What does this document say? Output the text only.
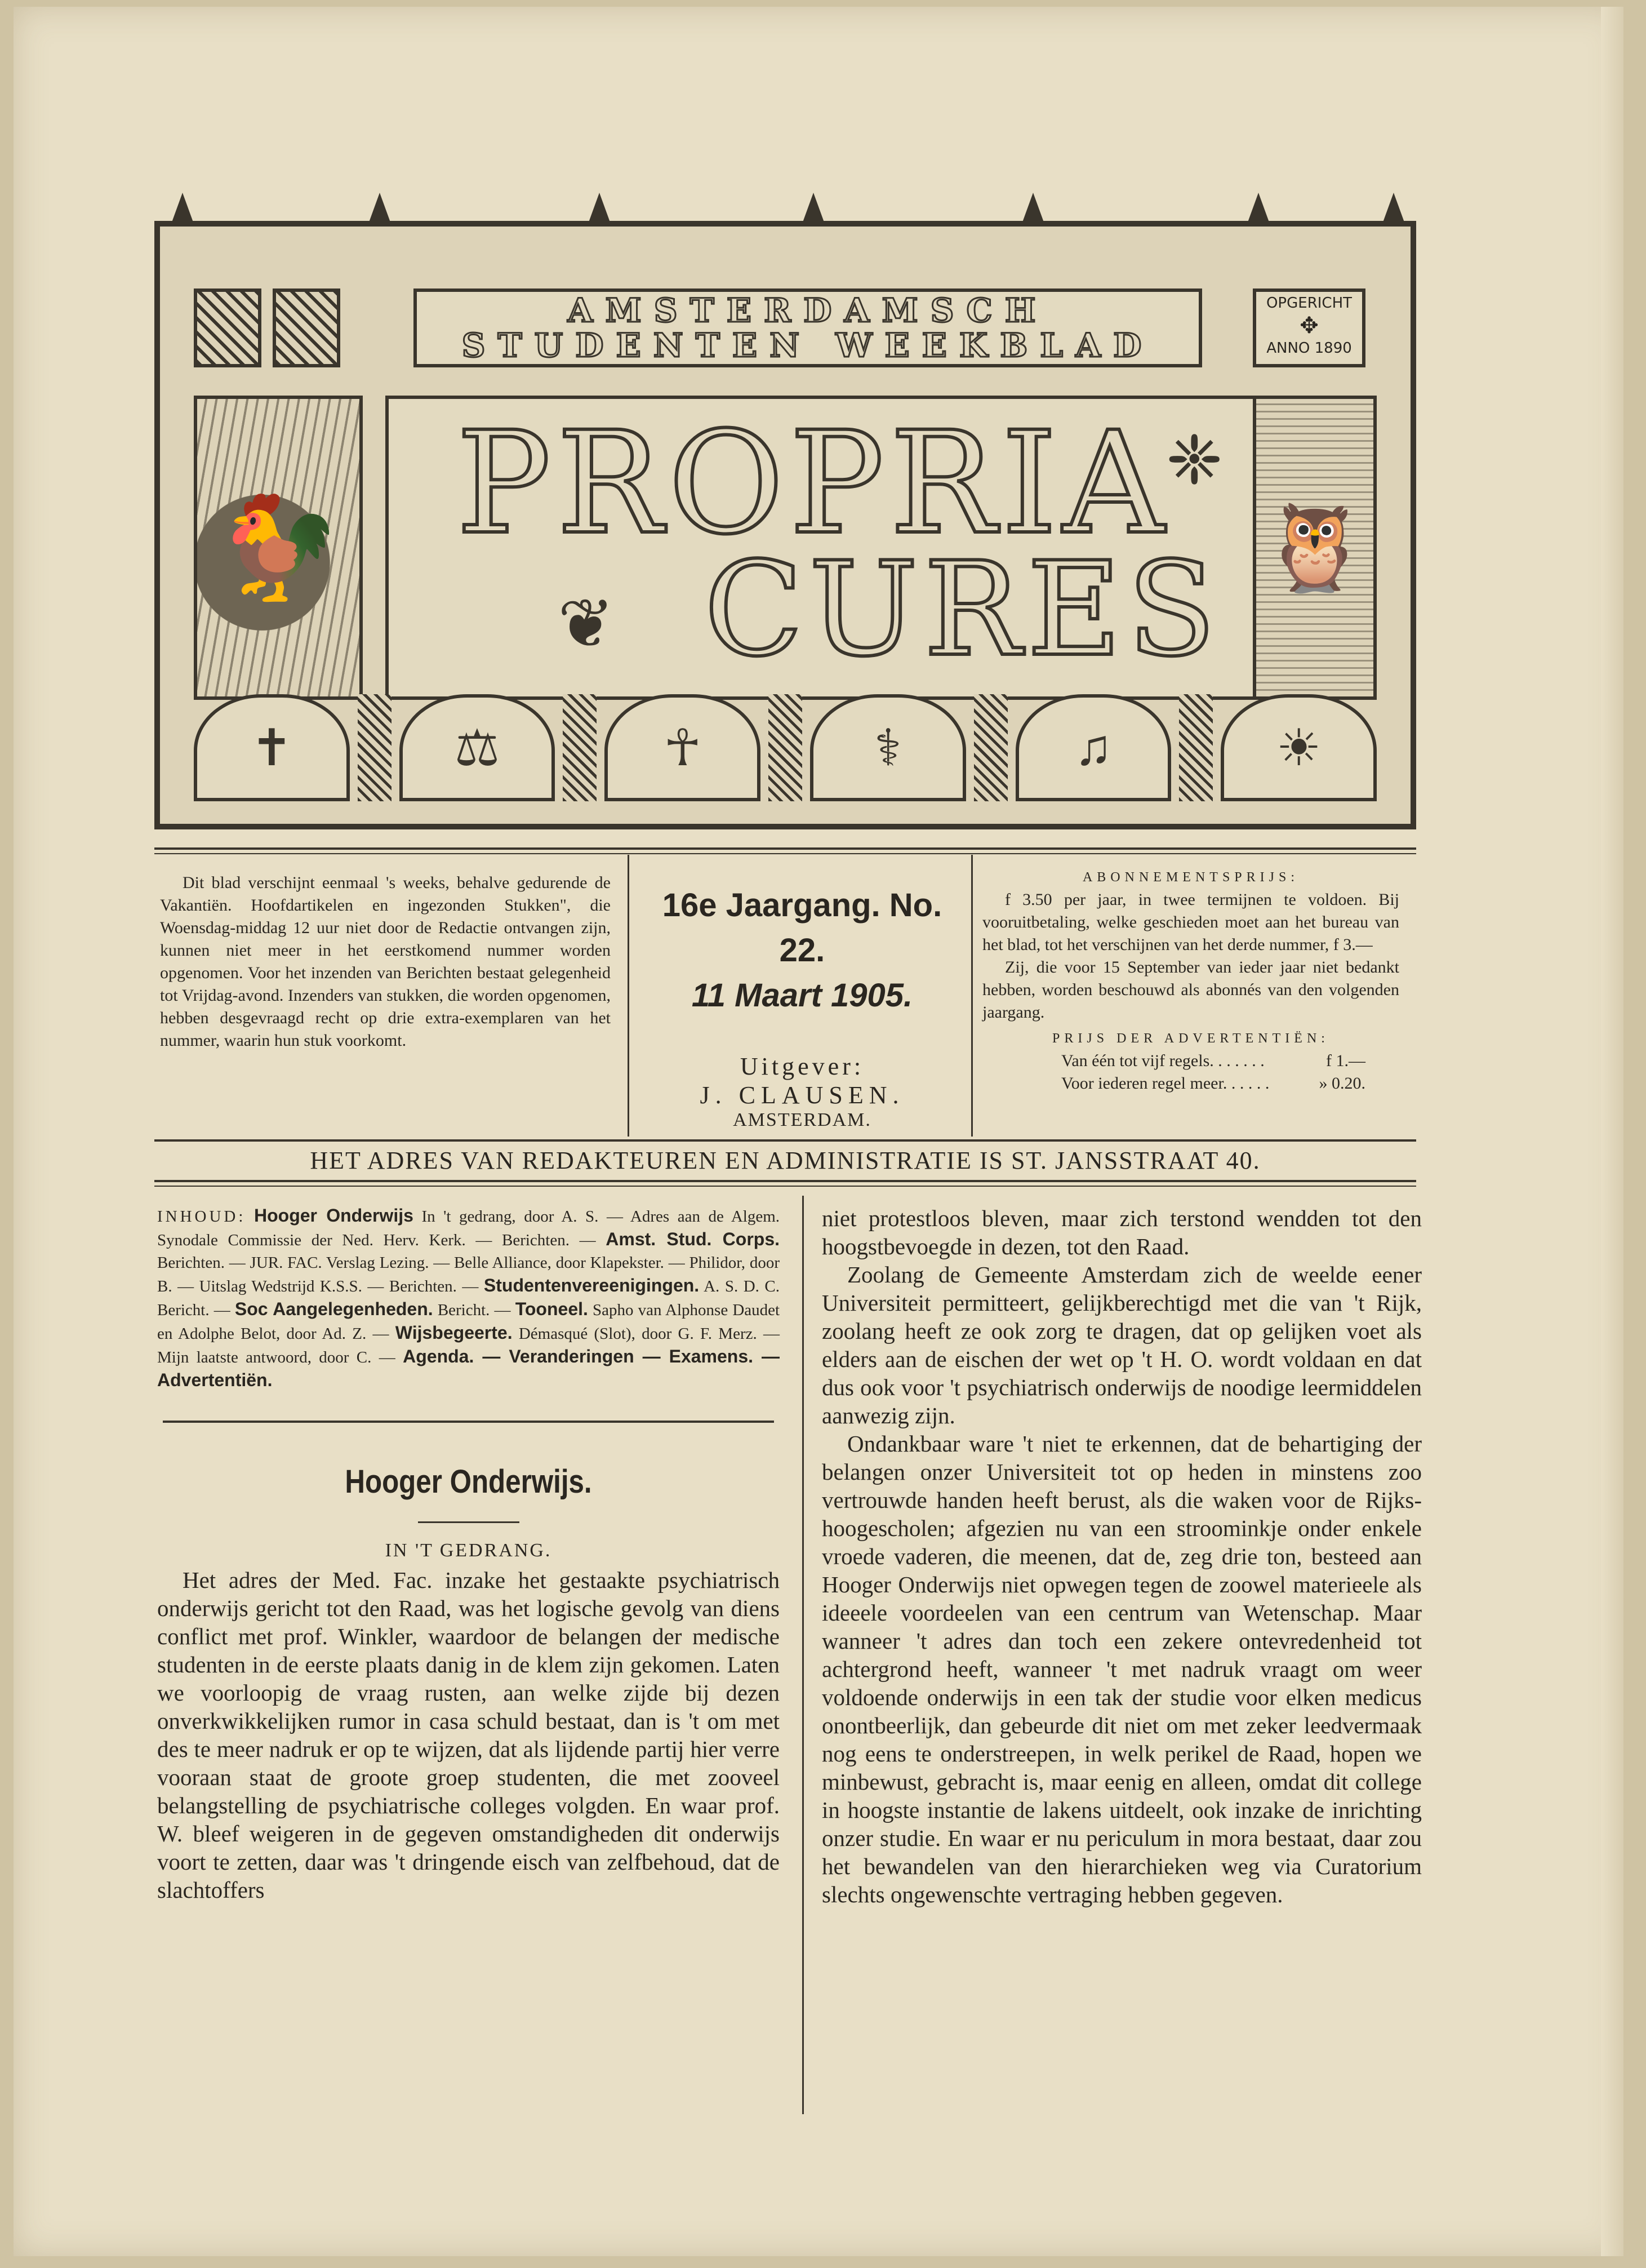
AMSTERDAMSCH
STUDENTEN WEEKBLAD
OPGERICHT
✥
ANNO 1890
🐓 PROPRIA
❈
❦ CURES 🦉
✝	⚖	☥	⚕	♫	☀
Dit blad verschijnt eenmaal 's weeks, behalve gedurende de Vakantiën. Hoofdartikelen en ingezonden Stukken", die Woensdag-middag 12 uur niet door de Redactie ontvangen zijn, kunnen niet meer in het eerstkomend nummer worden opgenomen. Voor het inzenden van Berichten bestaat gelegenheid tot Vrijdag-avond. Inzenders van stukken, die worden opgenomen, hebben desgevraagd recht op drie extra-exemplaren van het nummer, waarin hun stuk voorkomt.
16e Jaargang. No. 22.
11 Maart 1905.
Uitgever:
J. CLAUSEN.
AMSTERDAM.
ABONNEMENTSPRIJS:

f 3.50 per jaar, in twee termijnen te voldoen. Bij vooruitbetaling, welke geschieden moet aan het bureau van het blad, tot het verschijnen van het derde nummer, f 3.—

Zij, die voor 15 September van ieder jaar niet bedankt hebben, worden beschouwd als abonnés van den volgenden jaargang.

PRIJS DER ADVERTENTIËN:
Van één tot vijf regels. . . . . . .	f 1.—
Voor iederen regel meer. . . . . .	» 0.20.
HET ADRES VAN REDAKTEUREN EN ADMINISTRATIE IS ST. JANSSTRAAT 40.
INHOUD: Hooger Onderwijs In 't gedrang, door A. S. — Adres aan de Algem. Synodale Commissie der Ned. Herv. Kerk. — Berichten. — Amst. Stud. Corps. Berichten. — JUR. FAC. Verslag Lezing. — Belle Alliance, door Klapekster. — Philidor, door B. — Uitslag Wedstrijd K.S.S. — Berichten. — Studentenvereenigingen. A. S. D. C. Bericht. — Soc Aangelegenheden. Bericht. — Tooneel. Sapho van Alphonse Daudet en Adolphe Belot, door Ad. Z. — Wijsbegeerte. Démasqué (Slot), door G. F. Merz. — Mijn laatste antwoord, door C. — Agenda. — Veranderingen — Examens. — Advertentiën.
Hooger Onderwijs.
IN 'T GEDRANG.

Het adres der Med. Fac. inzake het gestaakte psychiatrisch onderwijs gericht tot den Raad, was het logische gevolg van diens conflict met prof. Winkler, waardoor de belangen der medische studenten in de eerste plaats danig in de klem zijn gekomen. Laten we voorloopig de vraag rusten, aan welke zijde bij dezen onverkwikkelijken rumor in casa schuld bestaat, dan is 't om met des te meer nadruk er op te wijzen, dat als lijdende partij hier verre vooraan staat de groote groep studenten, die met zooveel belangstelling de psychiatrische colleges volgden. En waar prof. W. bleef weigeren in de gegeven omstandigheden dit onderwijs voort te zetten, daar was 't dringende eisch van zelfbehoud, dat de slachtoffers

niet protestloos bleven, maar zich terstond wendden tot den hoogstbevoegde in dezen, tot den Raad.

Zoolang de Gemeente Amsterdam zich de weelde eener Universiteit permitteert, gelijkberechtigd met die van 't Rijk, zoolang heeft ze ook zorg te dragen, dat op gelijken voet als elders aan de eischen der wet op 't H. O. wordt voldaan en dat dus ook voor 't psychiatrisch onderwijs de noodige leermiddelen aanwezig zijn.

Ondankbaar ware 't niet te erkennen, dat de behartiging der belangen onzer Universiteit tot op heden in minstens zoo vertrouwde handen heeft berust, als die waken voor de Rijks-hoogescholen; afgezien nu van een stroominkje onder enkele vroede vaderen, die meenen, dat de, zeg drie ton, besteed aan Hooger Onderwijs niet opwegen tegen de zoowel materieele als ideeele voordeelen van een centrum van Wetenschap. Maar wanneer 't adres dan toch een zekere ontevredenheid tot achtergrond heeft, wanneer 't met nadruk vraagt om weer voldoende onderwijs in een tak der studie voor elken medicus onontbeerlijk, dan gebeurde dit niet om met zeker leedvermaak nog eens te onderstreepen, in welk perikel de Raad, hopen we minbewust, gebracht is, maar eenig en alleen, omdat dit college in hoogste instantie de lakens uitdeelt, ook inzake de inrichting onzer studie. En waar er nu periculum in mora bestaat, daar zou het bewandelen van den hierarchieken weg via Curatorium slechts ongewenschte vertraging hebben gegeven.
